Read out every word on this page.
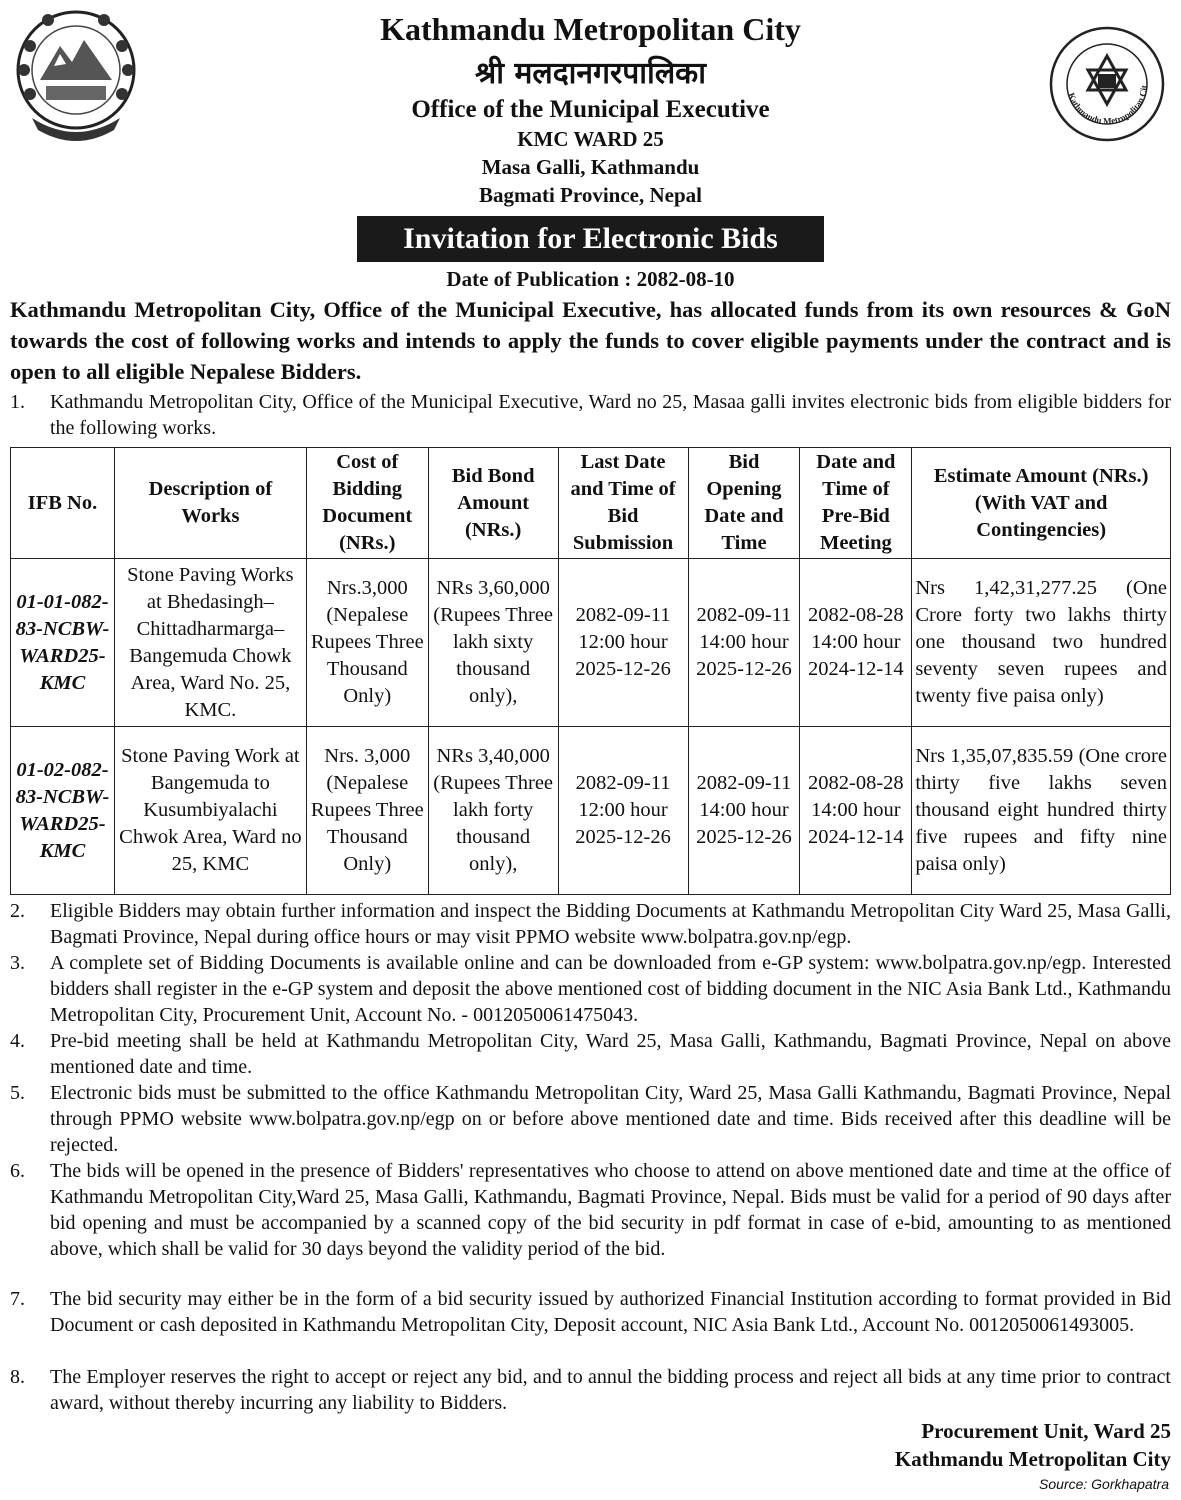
Kathmandu Metropolitan Cit
Kathmandu Metropolitan City
श्री मलदानगरपालिका
Office of the Municipal Executive
KMC WARD 25
Masa Galli, Kathmandu
Bagmati Province, Nepal
Invitation for Electronic Bids
Date of Publication : 2082-08-10
Kathmandu Metropolitan City, Office of the Municipal Executive, has allocated funds from its own resources & GoN towards the cost of following works and intends to apply the funds to cover eligible payments under the contract and is open to all eligible Nepalese Bidders.
1.	Kathmandu Metropolitan City, Office of the Municipal Executive, Ward no 25, Masaa galli invites electronic bids from eligible bidders for the following works.
IFB No.	Description of Works	Cost of Bidding Document (NRs.)	Bid Bond Amount (NRs.)	Last Date and Time of Bid Submission	Bid Opening Date and Time	Date and Time of Pre-Bid Meeting	Estimate Amount (NRs.) (With VAT and Contingencies)
01-01-082-83-NCBW-WARD25-KMC	Stone Paving Works at Bhedasingh–Chittadharmarga–Bangemuda Chowk Area, Ward No. 25, KMC.	Nrs.3,000 (Nepalese Rupees Three Thousand Only)	NRs 3,60,000 (Rupees Three lakh sixty thousand only),	2082-09-11 12:00 hour 2025-12-26	2082-09-11 14:00 hour 2025-12-26	2082-08-28 14:00 hour 2024-12-14	Nrs 1,42,31,277.25 (One Crore forty two lakhs thirty one thousand two hundred seventy seven rupees and twenty five paisa only)
01-02-082-83-NCBW-WARD25-KMC	Stone Paving Work at Bangemuda to Kusumbiyalachi Chwok Area, Ward no 25, KMC	Nrs. 3,000 (Nepalese Rupees Three Thousand Only)	NRs 3,40,000 (Rupees Three lakh forty thousand only),	2082-09-11 12:00 hour 2025-12-26	2082-09-11 14:00 hour 2025-12-26	2082-08-28 14:00 hour 2024-12-14	Nrs 1,35,07,835.59 (One crore thirty five lakhs seven thousand eight hundred thirty five rupees and fifty nine paisa only)
2.	Eligible Bidders may obtain further information and inspect the Bidding Documents at Kathmandu Metropolitan City Ward 25, Masa Galli, Bagmati Province, Nepal during office hours or may visit PPMO website www.bolpatra.gov.np/egp.
3.	A complete set of Bidding Documents is available online and can be downloaded from e-GP system: www.bolpatra.gov.np/egp. Interested bidders shall register in the e-GP system and deposit the above mentioned cost of bidding document in the NIC Asia Bank Ltd., Kathmandu Metropolitan City, Procurement Unit, Account No. - 0012050061475043.
4.	Pre-bid meeting shall be held at Kathmandu Metropolitan City, Ward 25, Masa Galli, Kathmandu, Bagmati Province, Nepal on above mentioned date and time.
5.	Electronic bids must be submitted to the office Kathmandu Metropolitan City, Ward 25, Masa Galli Kathmandu, Bagmati Province, Nepal through PPMO website www.bolpatra.gov.np/egp on or before above mentioned date and time. Bids received after this deadline will be rejected.
6.	The bids will be opened in the presence of Bidders' representatives who choose to attend on above mentioned date and time at the office of Kathmandu Metropolitan City,Ward 25, Masa Galli, Kathmandu, Bagmati Province, Nepal. Bids must be valid for a period of 90 days after bid opening and must be accompanied by a scanned copy of the bid security in pdf format in case of e-bid, amounting to as mentioned above, which shall be valid for 30 days beyond the validity period of the bid.
7.	The bid security may either be in the form of a bid security issued by authorized Financial Institution according to format provided in Bid Document or cash deposited in Kathmandu Metropolitan City, Deposit account, NIC Asia Bank Ltd., Account No. 0012050061493005.
8.	The Employer reserves the right to accept or reject any bid, and to annul the bidding process and reject all bids at any time prior to contract award, without thereby incurring any liability to Bidders.
Procurement Unit, Ward 25
Kathmandu Metropolitan City
Source: Gorkhapatra
